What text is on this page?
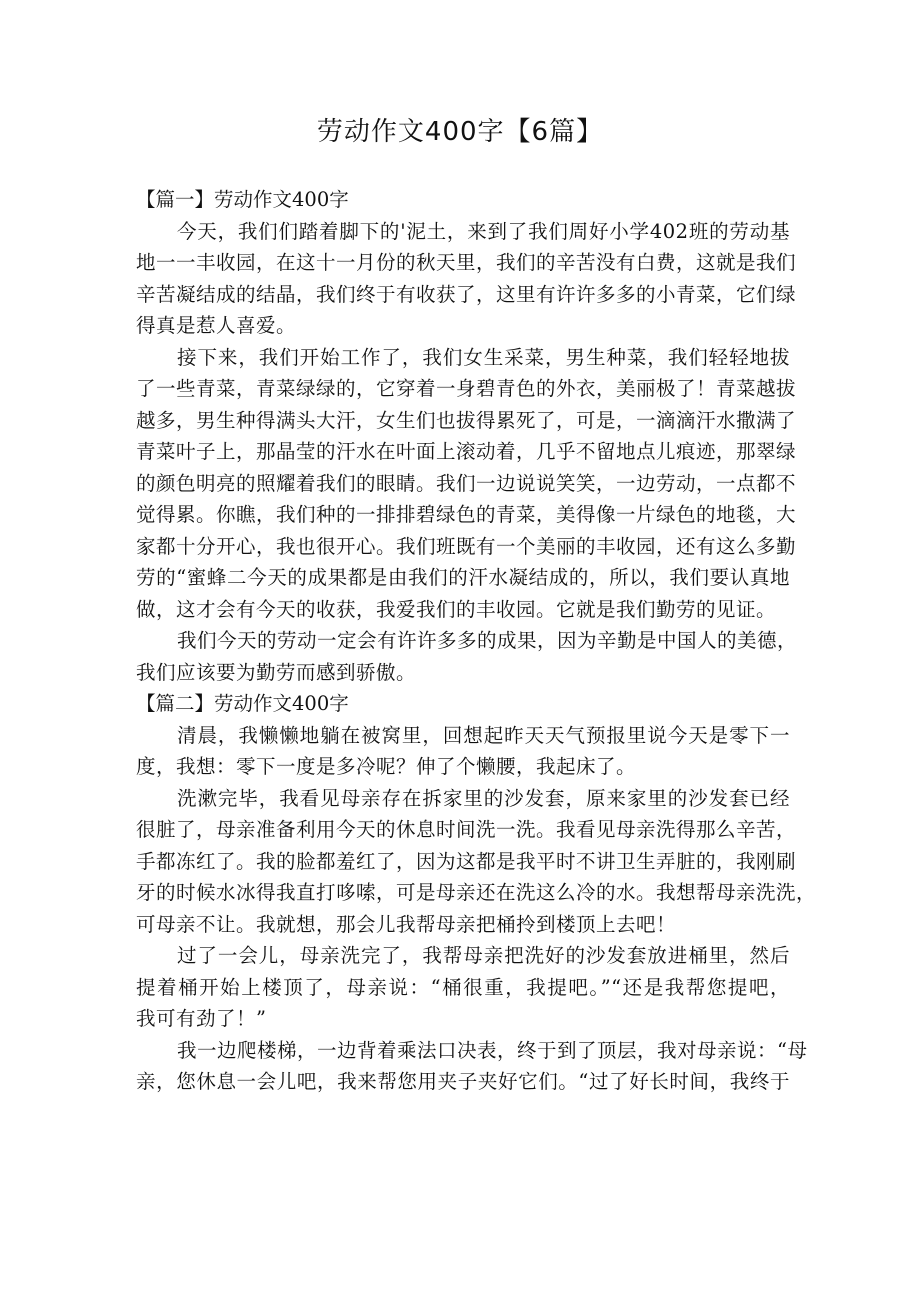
劳动作文400字【6篇】
【篇一】劳动作文400字
今天，我们们踏着脚下的'泥土，来到了我们周好小学402班的劳动基
地一一丰收园，在这十一月份的秋天里，我们的辛苦没有白费，这就是我们
辛苦凝结成的结晶，我们终于有收获了，这里有许许多多的小青菜，它们绿
得真是惹人喜爱。
接下来，我们开始工作了，我们女生采菜，男生种菜，我们轻轻地拔
了一些青菜，青菜绿绿的，它穿着一身碧青色的外衣，美丽极了！青菜越拔
越多，男生种得满头大汗，女生们也拔得累死了，可是，一滴滴汗水撒满了
青菜叶子上，那晶莹的汗水在叶面上滚动着，几乎不留地点儿痕迹，那翠绿
的颜色明亮的照耀着我们的眼睛。我们一边说说笑笑，一边劳动，一点都不
觉得累。你瞧，我们种的一排排碧绿色的青菜，美得像一片绿色的地毯，大
家都十分开心，我也很开心。我们班既有一个美丽的丰收园，还有这么多勤
劳的“蜜蜂二今天的成果都是由我们的汗水凝结成的，所以，我们要认真地
做，这才会有今天的收获，我爱我们的丰收园。它就是我们勤劳的见证。
我们今天的劳动一定会有许许多多的成果，因为辛勤是中国人的美德，
我们应该要为勤劳而感到骄傲。
【篇二】劳动作文400字
清晨，我懒懒地躺在被窝里，回想起昨天天气预报里说今天是零下一
度，我想：零下一度是多冷呢？伸了个懒腰，我起床了。
洗漱完毕，我看见母亲存在拆家里的沙发套，原来家里的沙发套已经
很脏了，母亲准备利用今天的休息时间洗一洗。我看见母亲洗得那么辛苦，
手都冻红了。我的脸都羞红了，因为这都是我平时不讲卫生弄脏的，我刚刷
牙的时候水冰得我直打哆嗦，可是母亲还在洗这么冷的水。我想帮母亲洗洗，
可母亲不让。我就想，那会儿我帮母亲把桶拎到楼顶上去吧！
过了一会儿，母亲洗完了，我帮母亲把洗好的沙发套放进桶里，然后
提着桶开始上楼顶了，母亲说：“桶很重，我提吧。”“还是我帮您提吧，
我可有劲了！”
我一边爬楼梯，一边背着乘法口决表，终于到了顶层，我对母亲说：“母
亲，您休息一会儿吧，我来帮您用夹子夹好它们。“过了好长时间，我终于
